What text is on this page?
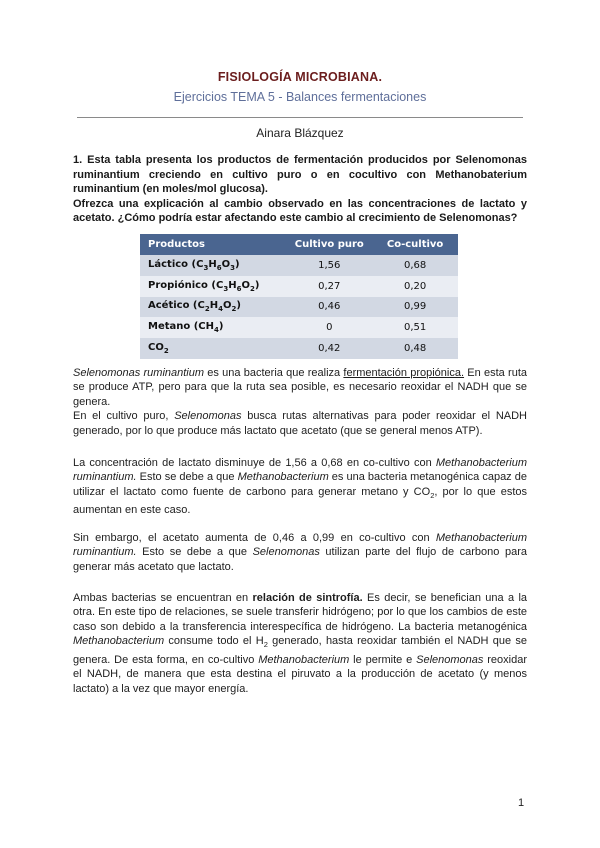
FISIOLOGÍA MICROBIANA.
Ejercicios TEMA 5 - Balances fermentaciones
Ainara Blázquez

1. Esta tabla presenta los productos de fermentación producidos por Selenomonas ruminantium creciendo en cultivo puro o en cocultivo con Methanobaterium ruminantium (en moles/mol glucosa).

Ofrezca una explicación al cambio observado en las concentraciones de lactato y acetato. ¿Cómo podría estar afectando este cambio al crecimiento de Selenomonas?

Productos	Cultivo puro	Co-cultivo
Láctico $(C_3H_6O_3)$	1,56	0,68
Propiónico $(C_3H_6O_2)$	0,27	0,20
Acético $(C_2H_4O_2)$	0,46	0,99
Metano $(CH_4)$	0	0,51
$CO_2$	0,42	0,48

Selenomonas ruminantium es una bacteria que realiza fermentación propiónica. En esta ruta se produce ATP, pero para que la ruta sea posible, es necesario reoxidar el NADH que se genera.

En el cultivo puro, Selenomonas busca rutas alternativas para poder reoxidar el NADH generado, por lo que produce más lactato que acetato (que se general menos ATP).

La concentración de lactato disminuye de 1,56 a 0,68 en co-cultivo con Methanobacterium ruminantium. Esto se debe a que Methanobacterium es una bacteria metanogénica capaz de utilizar el lactato como fuente de carbono para generar metano y $CO_2$, por lo que estos aumentan en este caso.

Sin embargo, el acetato aumenta de 0,46 a 0,99 en co-cultivo con Methanobacterium ruminantium. Esto se debe a que Selenomonas utilizan parte del flujo de carbono para generar más acetato que lactato.

Ambas bacterias se encuentran en relación de sintrofía. Es decir, se benefician una a la otra. En este tipo de relaciones, se suele transferir hidrógeno; por lo que los cambios de este caso son debido a la transferencia interespecífica de hidrógeno. La bacteria metanogénica Methanobacterium consume todo el $H_2$ generado, hasta reoxidar también el NADH que se genera. De esta forma, en co-cultivo Methanobacterium le permite e Selenomonas reoxidar el NADH, de manera que esta destina el piruvato a la producción de acetato (y menos lactato) a la vez que mayor energía.

1
